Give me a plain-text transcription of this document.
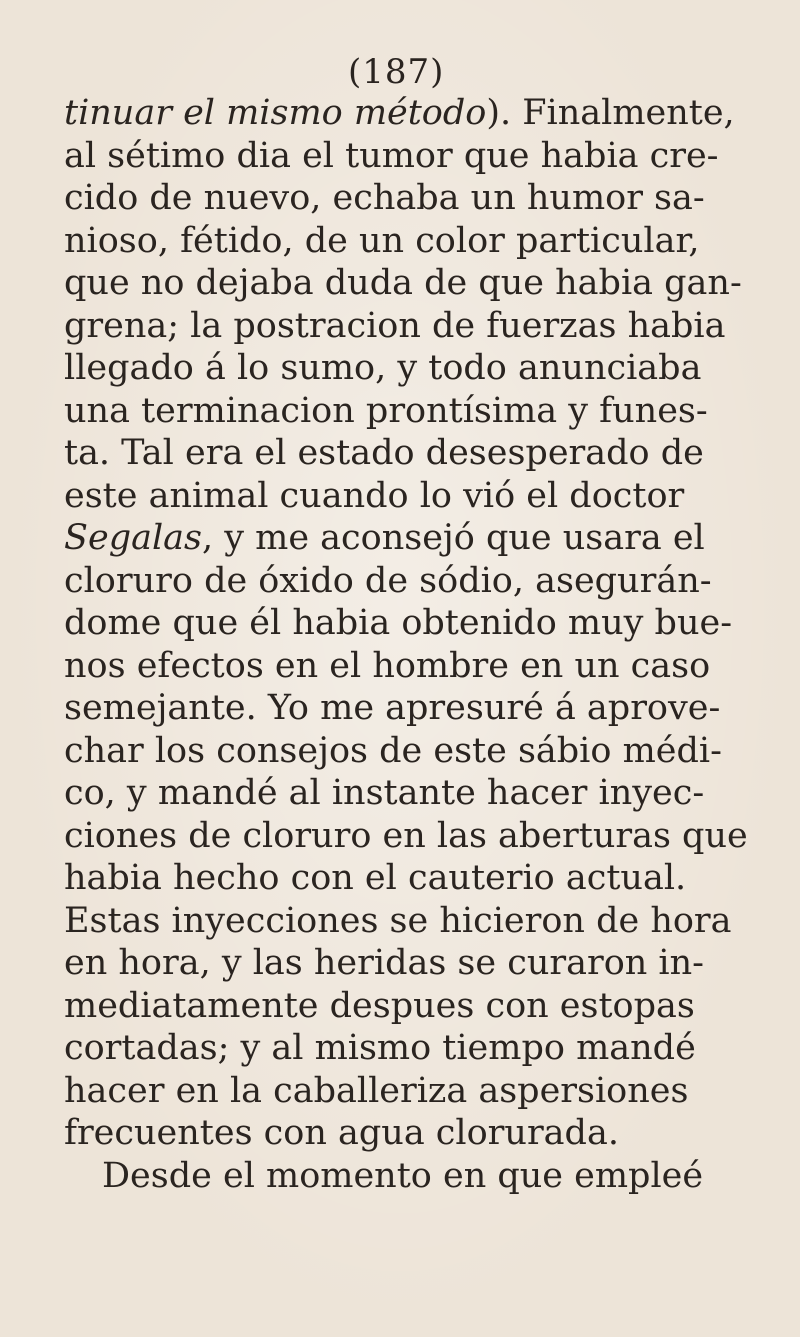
(187)
tinuar el mismo método). Finalmente,
al sétimo dia el tumor que habia cre-
cido de nuevo, echaba un humor sa-
nioso, fétido, de un color particular,
que no dejaba duda de que habia gan-
grena; la postracion de fuerzas habia
llegado á lo sumo, y todo anunciaba
una terminacion prontísima y funes-
ta. Tal era el estado desesperado de
este animal cuando lo vió el doctor
Segalas, y me aconsejó que usara el
cloruro de óxido de sódio, asegurán-
dome que él habia obtenido muy bue-
nos efectos en el hombre en un caso
semejante. Yo me apresuré á aprove-
char los consejos de este sábio médi-
co, y mandé al instante hacer inyec-
ciones de cloruro en las aberturas que
habia hecho con el cauterio actual.
Estas inyecciones se hicieron de hora
en hora, y las heridas se curaron in-
mediatamente despues con estopas
cortadas; y al mismo tiempo mandé
hacer en la caballeriza aspersiones
frecuentes con agua clorurada.
Desde el momento en que empleé
